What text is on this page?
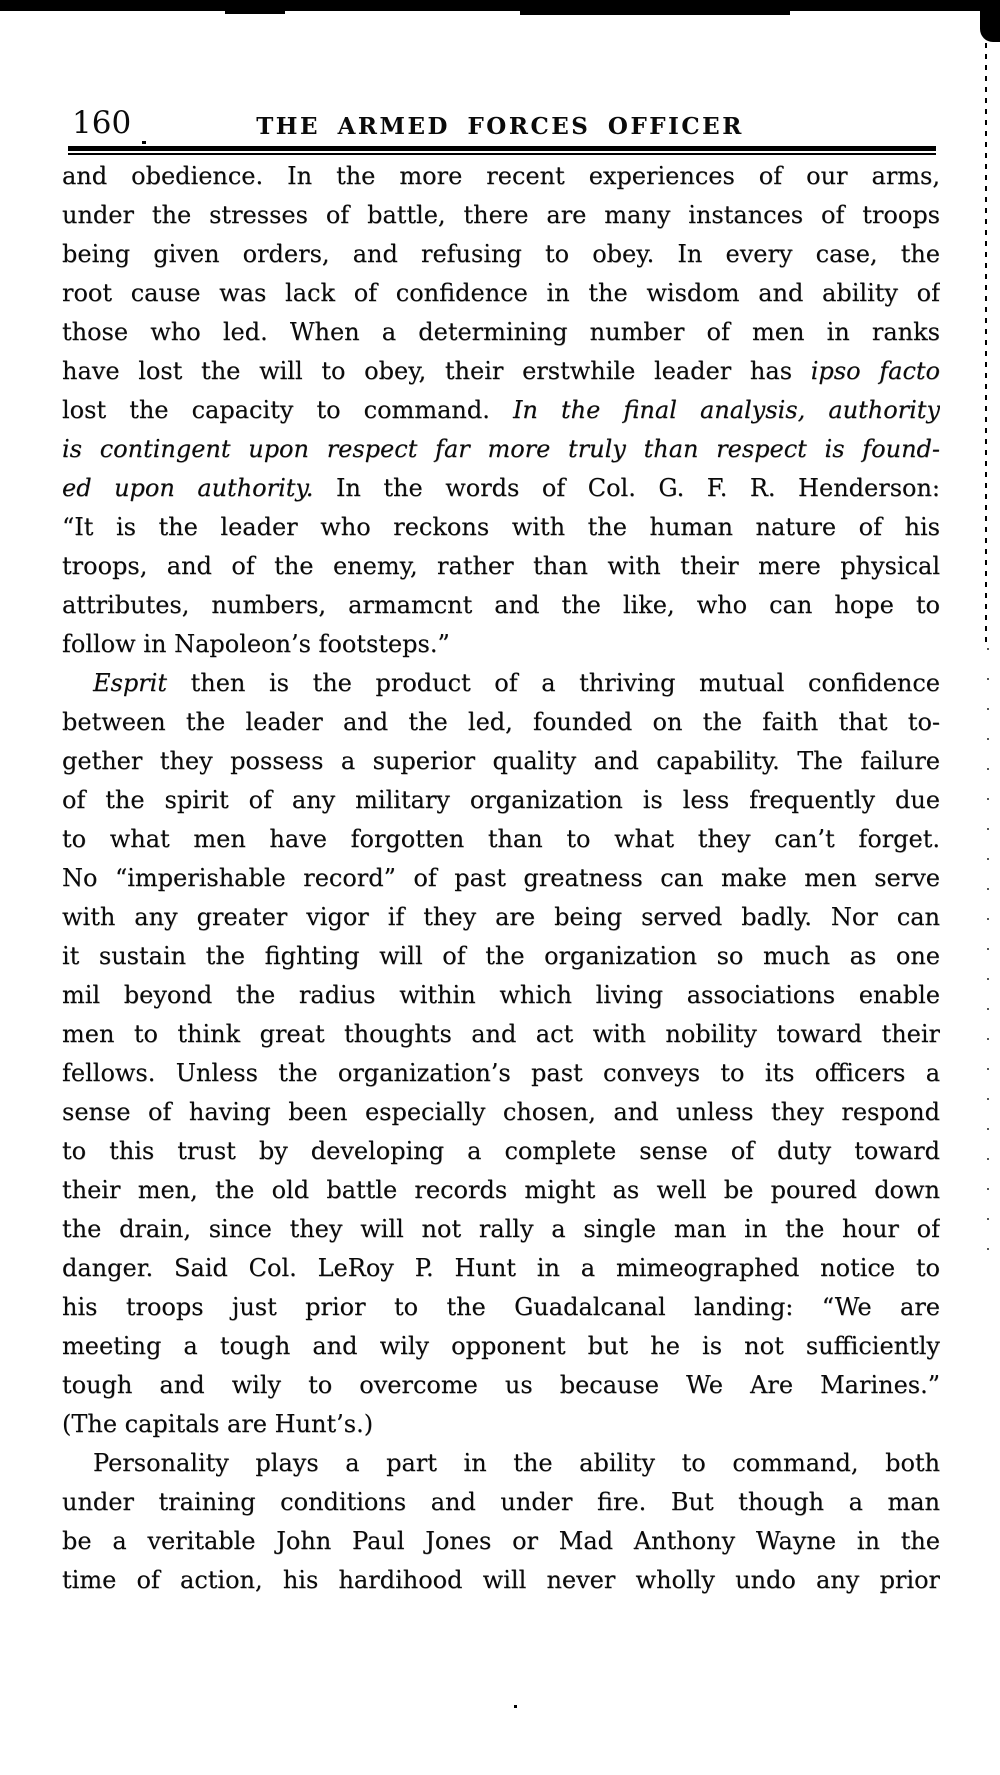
160	THE ARMED FORCES OFFICER
and obedience. In the more recent experiences of our arms,
under the stresses of battle, there are many instances of troops
being given orders, and refusing to obey. In every case, the
root cause was lack of confidence in the wisdom and ability of
those who led. When a determining number of men in ranks
have lost the will to obey, their erstwhile leader has ipso facto
lost the capacity to command. In the final analysis, authority
is contingent upon respect far more truly than respect is found-
ed upon authority. In the words of Col. G. F. R. Henderson:
“It is the leader who reckons with the human nature of his
troops, and of the enemy, rather than with their mere physical
attributes, numbers, armamcnt and the like, who can hope to
follow in Napoleon’s footsteps.”
Esprit then is the product of a thriving mutual confidence
between the leader and the led, founded on the faith that to-
gether they possess a superior quality and capability. The failure
of the spirit of any military organization is less frequently due
to what men have forgotten than to what they can’t forget.
No “imperishable record” of past greatness can make men serve
with any greater vigor if they are being served badly. Nor can
it sustain the fighting will of the organization so much as one
mil beyond the radius within which living associations enable
men to think great thoughts and act with nobility toward their
fellows. Unless the organization’s past conveys to its officers a
sense of having been especially chosen, and unless they respond
to this trust by developing a complete sense of duty toward
their men, the old battle records might as well be poured down
the drain, since they will not rally a single man in the hour of
danger. Said Col. LeRoy P. Hunt in a mimeographed notice to
his troops just prior to the Guadalcanal landing: “We are
meeting a tough and wily opponent but he is not sufficiently
tough and wily to overcome us because We Are Marines.”
(The capitals are Hunt’s.)
Personality plays a part in the ability to command, both
under training conditions and under fire. But though a man
be a veritable John Paul Jones or Mad Anthony Wayne in the
time of action, his hardihood will never wholly undo any prior
